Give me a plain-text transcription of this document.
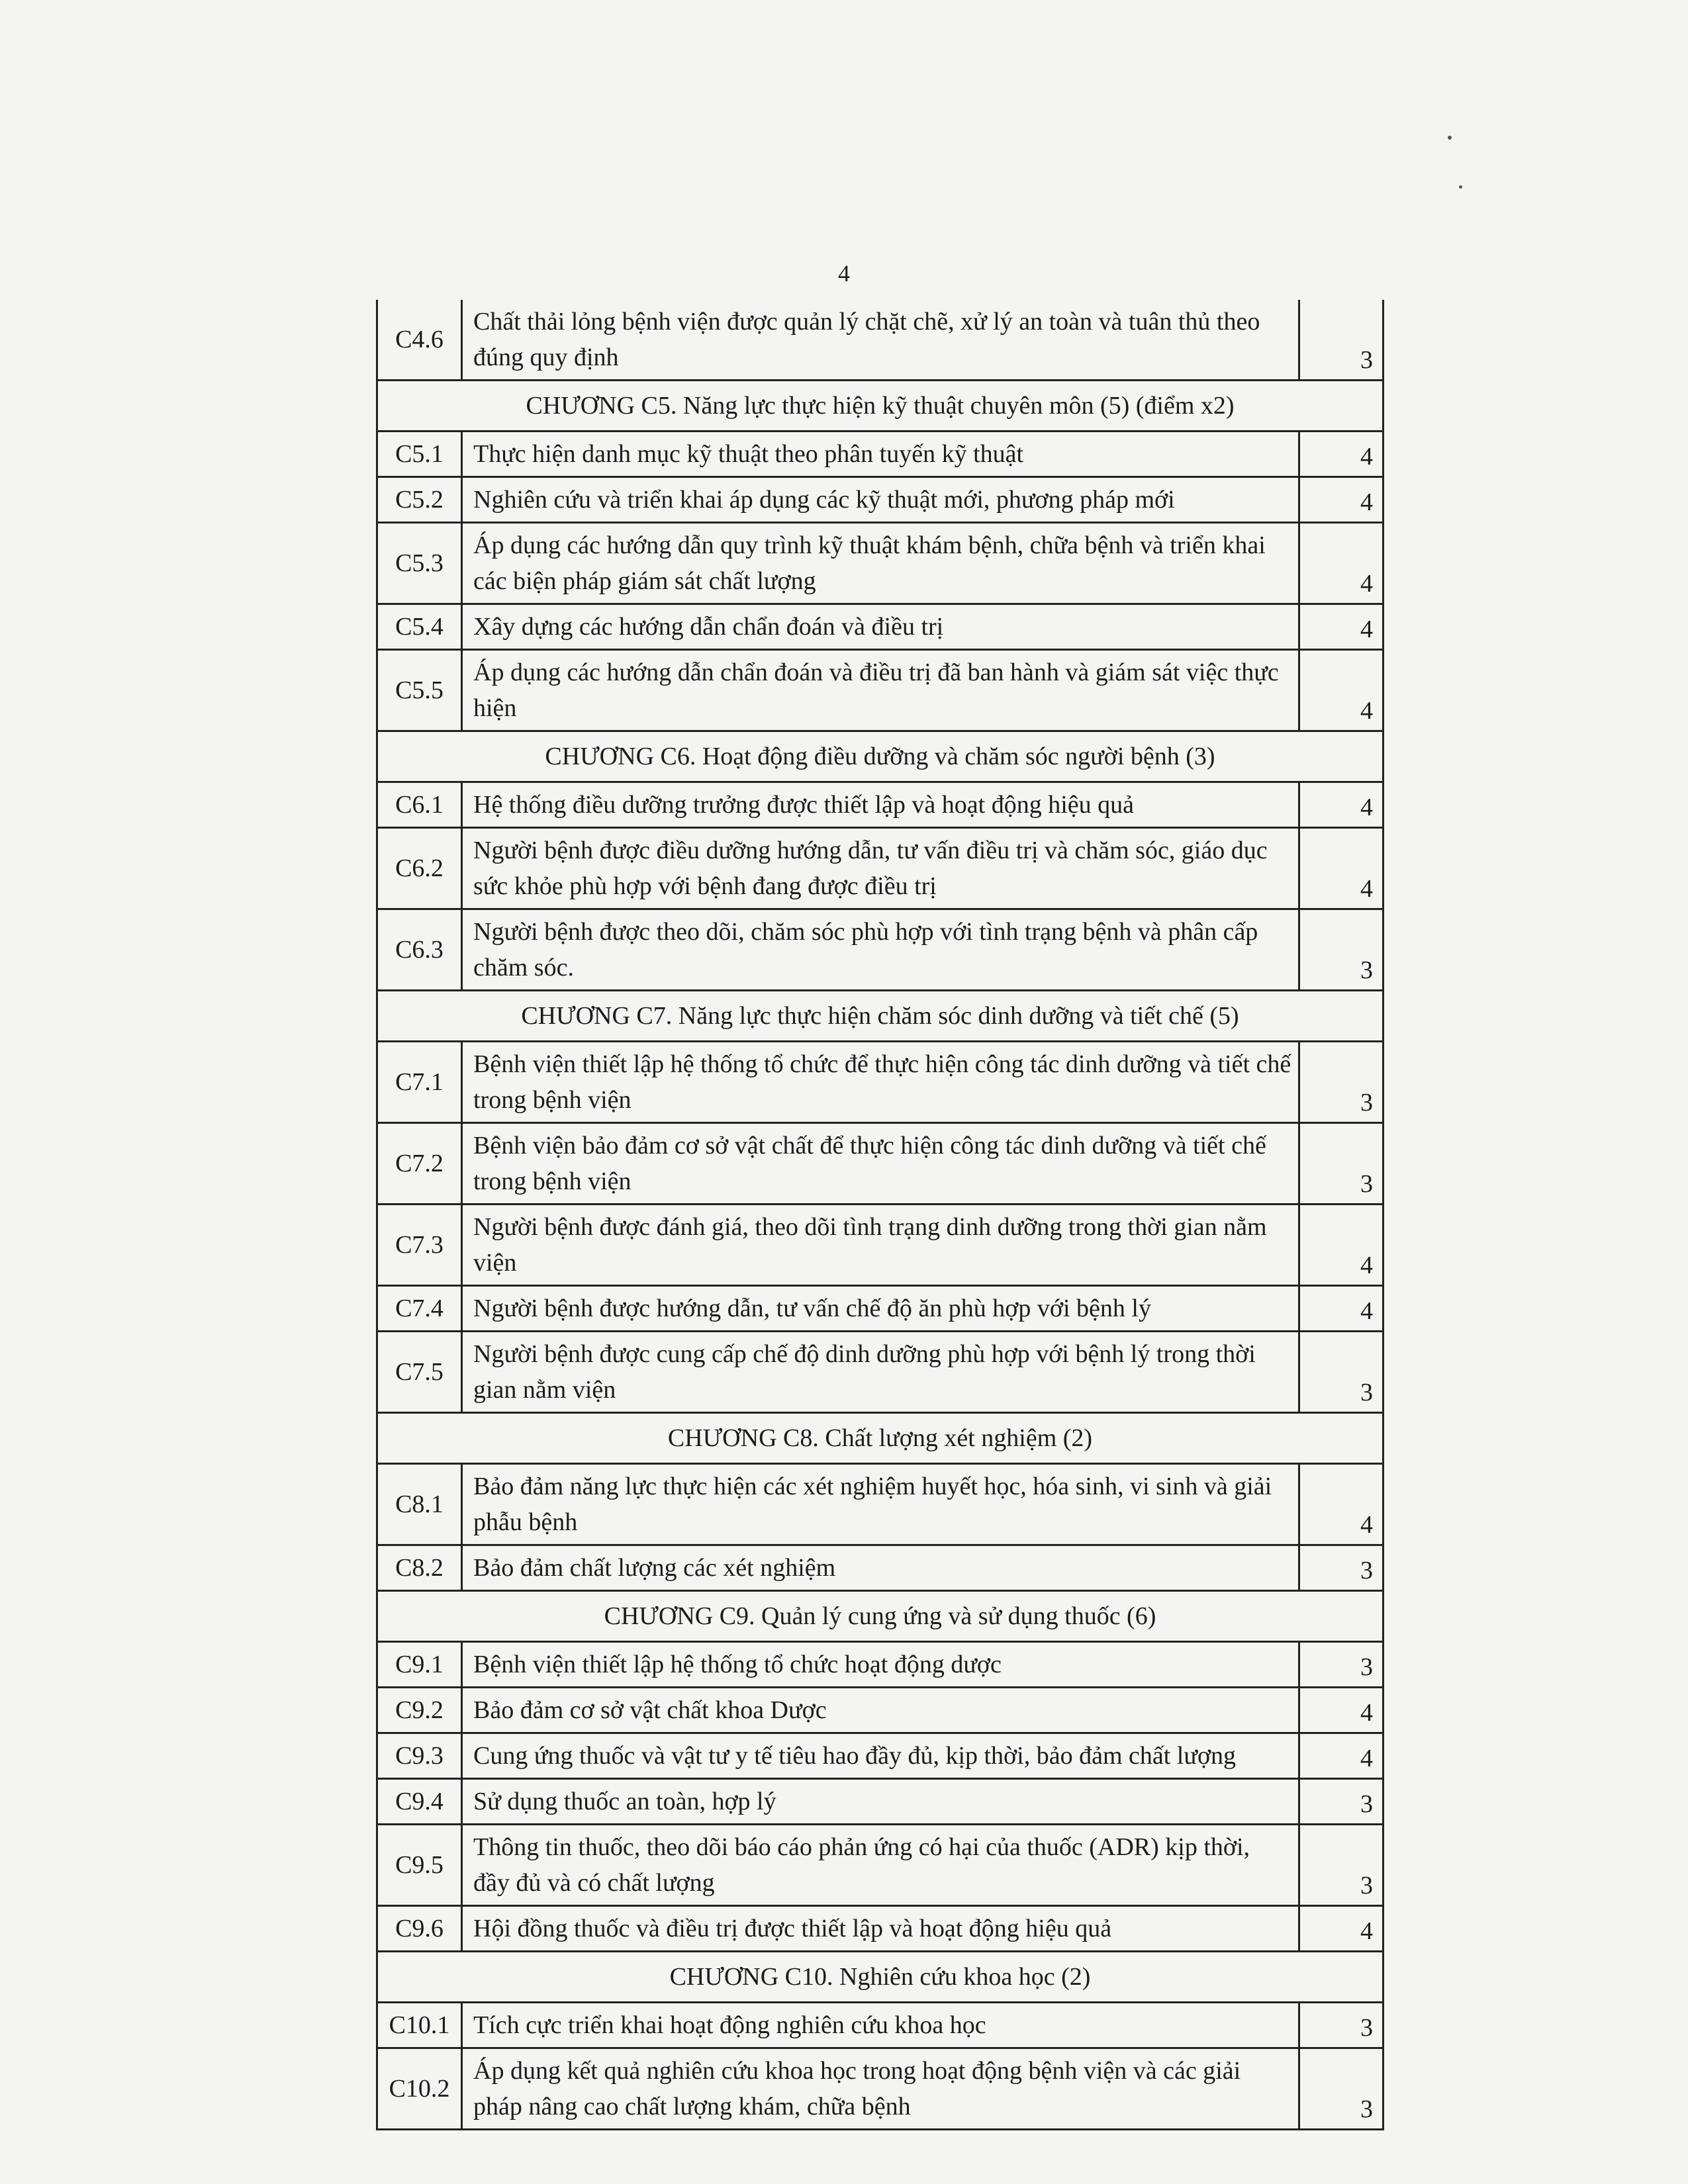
4
C4.6	Chất thải lỏng bệnh viện được quản lý chặt chẽ, xử lý an toàn và tuân thủ theo đúng quy định	3
CHƯƠNG C5. Năng lực thực hiện kỹ thuật chuyên môn (5) (điểm x2)		
C5.1	Thực hiện danh mục kỹ thuật theo phân tuyến kỹ thuật	4
C5.2	Nghiên cứu và triển khai áp dụng các kỹ thuật mới, phương pháp mới	4
C5.3	Áp dụng các hướng dẫn quy trình kỹ thuật khám bệnh, chữa bệnh và triển khai các biện pháp giám sát chất lượng	4
C5.4	Xây dựng các hướng dẫn chẩn đoán và điều trị	4
C5.5	Áp dụng các hướng dẫn chẩn đoán và điều trị đã ban hành và giám sát việc thực hiện	4
CHƯƠNG C6. Hoạt động điều dưỡng và chăm sóc người bệnh (3)		
C6.1	Hệ thống điều dưỡng trưởng được thiết lập và hoạt động hiệu quả	4
C6.2	Người bệnh được điều dưỡng hướng dẫn, tư vấn điều trị và chăm sóc, giáo dục sức khỏe phù hợp với bệnh đang được điều trị	4
C6.3	Người bệnh được theo dõi, chăm sóc phù hợp với tình trạng bệnh và phân cấp chăm sóc.	3
CHƯƠNG C7. Năng lực thực hiện chăm sóc dinh dưỡng và tiết chế (5)		
C7.1	Bệnh viện thiết lập hệ thống tổ chức để thực hiện công tác dinh dưỡng và tiết chế trong bệnh viện	3
C7.2	Bệnh viện bảo đảm cơ sở vật chất để thực hiện công tác dinh dưỡng và tiết chế trong bệnh viện	3
C7.3	Người bệnh được đánh giá, theo dõi tình trạng dinh dưỡng trong thời gian nằm viện	4
C7.4	Người bệnh được hướng dẫn, tư vấn chế độ ăn phù hợp với bệnh lý	4
C7.5	Người bệnh được cung cấp chế độ dinh dưỡng phù hợp với bệnh lý trong thời gian nằm viện	3
CHƯƠNG C8. Chất lượng xét nghiệm (2)		
C8.1	Bảo đảm năng lực thực hiện các xét nghiệm huyết học, hóa sinh, vi sinh và giải phẫu bệnh	4
C8.2	Bảo đảm chất lượng các xét nghiệm	3
CHƯƠNG C9. Quản lý cung ứng và sử dụng thuốc (6)		
C9.1	Bệnh viện thiết lập hệ thống tổ chức hoạt động dược	3
C9.2	Bảo đảm cơ sở vật chất khoa Dược	4
C9.3	Cung ứng thuốc và vật tư y tế tiêu hao đầy đủ, kịp thời, bảo đảm chất lượng	4
C9.4	Sử dụng thuốc an toàn, hợp lý	3
C9.5	Thông tin thuốc, theo dõi báo cáo phản ứng có hại của thuốc (ADR) kịp thời, đầy đủ và có chất lượng	3
C9.6	Hội đồng thuốc và điều trị được thiết lập và hoạt động hiệu quả	4
CHƯƠNG C10. Nghiên cứu khoa học (2)		
C10.1	Tích cực triển khai hoạt động nghiên cứu khoa học	3
C10.2	Áp dụng kết quả nghiên cứu khoa học trong hoạt động bệnh viện và các giải pháp nâng cao chất lượng khám, chữa bệnh	3
